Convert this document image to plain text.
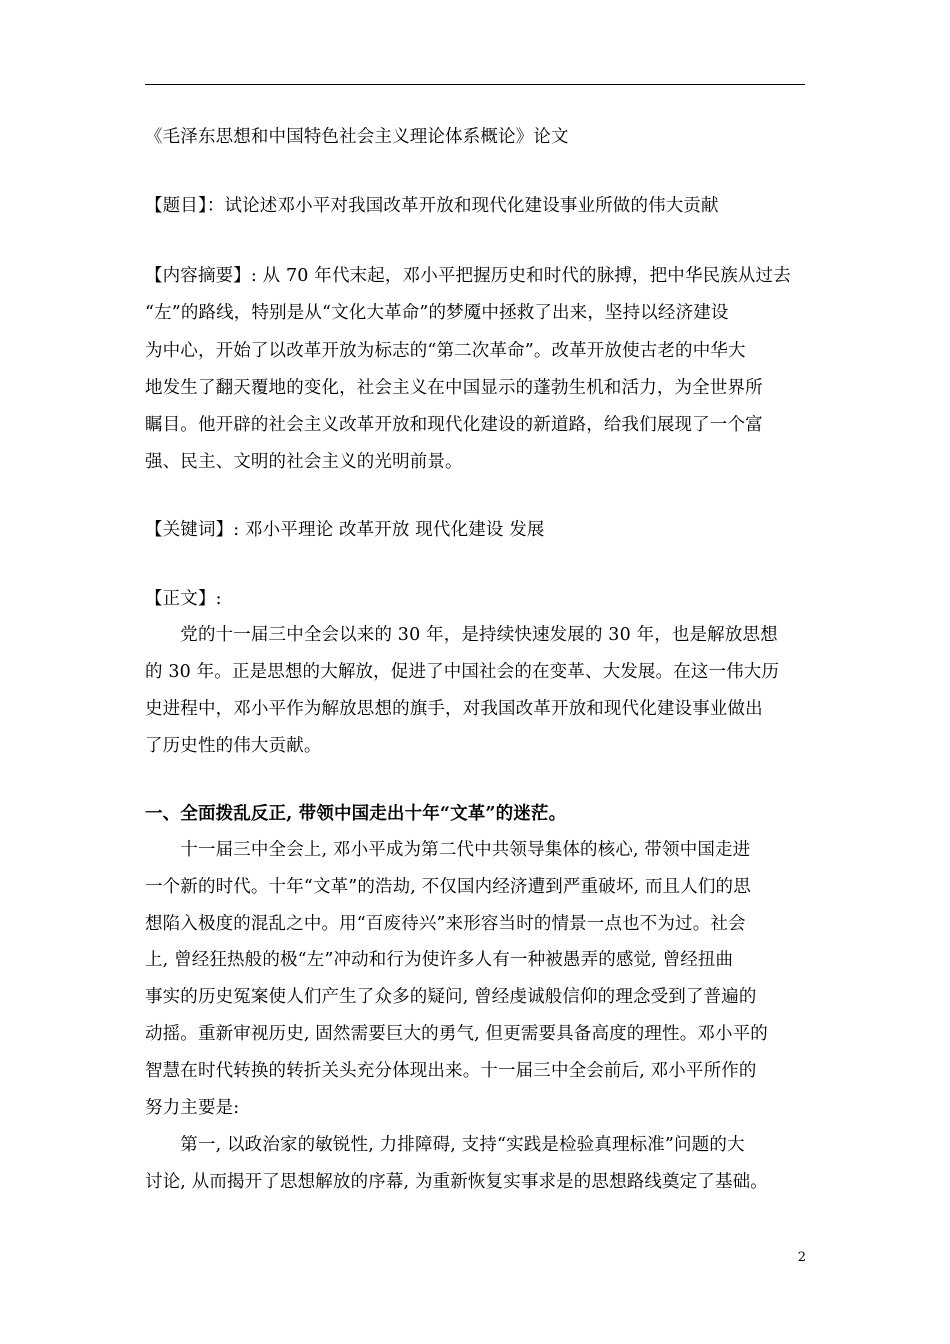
《毛泽东思想和中国特色社会主义理论体系概论》论文
【题目】：试论述邓小平对我国改革开放和现代化建设事业所做的伟大贡献
【内容摘要】: 从 70 年代末起，邓小平把握历史和时代的脉搏，把中华民族从过去
“左”的路线，特别是从“文化大革命”的梦魇中拯救了出来，坚持以经济建设
为中心，开始了以改革开放为标志的“第二次革命”。改革开放使古老的中华大
地发生了翻天覆地的变化，社会主义在中国显示的蓬勃生机和活力，为全世界所
瞩目。他开辟的社会主义改革开放和现代化建设的新道路，给我们展现了一个富
强、民主、文明的社会主义的光明前景。
【关键词】: 邓小平理论 改革开放 现代化建设 发展
【正文】:
　　党的十一届三中全会以来的 30 年，是持续快速发展的 30 年，也是解放思想
的 30 年。正是思想的大解放，促进了中国社会的在变革、大发展。在这一伟大历
史进程中，邓小平作为解放思想的旗手，对我国改革开放和现代化建设事业做出
了历史性的伟大贡献。
一、全面拨乱反正, 带领中国走出十年“文革”的迷茫。
　　十一届三中全会上, 邓小平成为第二代中共领导集体的核心, 带领中国走进
一个新的时代。十年“文革”的浩劫, 不仅国内经济遭到严重破坏, 而且人们的思
想陷入极度的混乱之中。用“百废待兴”来形容当时的情景一点也不为过。社会
上, 曾经狂热般的极“左”冲动和行为使许多人有一种被愚弄的感觉, 曾经扭曲
事实的历史冤案使人们产生了众多的疑问, 曾经虔诚般信仰的理念受到了普遍的
动摇。重新审视历史, 固然需要巨大的勇气, 但更需要具备高度的理性。邓小平的
智慧在时代转换的转折关头充分体现出来。十一届三中全会前后, 邓小平所作的
努力主要是:
　　第一, 以政治家的敏锐性, 力排障碍, 支持“实践是检验真理标准”问题的大
讨论, 从而揭开了思想解放的序幕, 为重新恢复实事求是的思想路线奠定了基础。
2
